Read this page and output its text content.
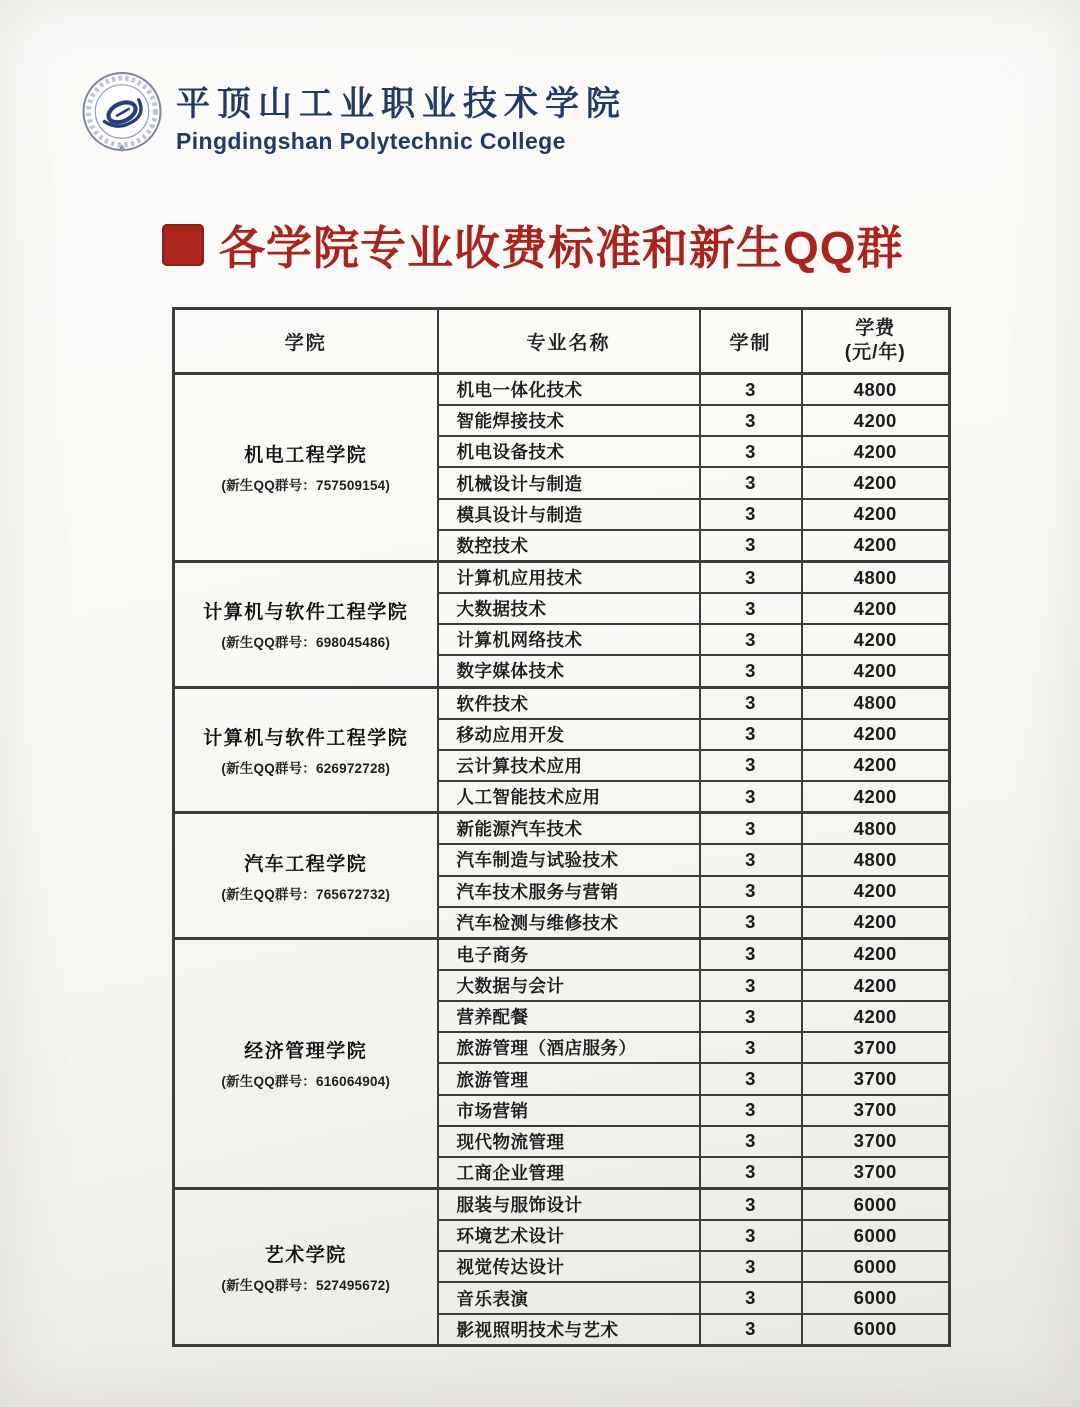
平顶山工业职业技术学院
Pingdingshan Polytechnic College
各学院专业收费标准和新生QQ群
学院	专业名称	学制	学费
(元/年)

机电工程学院
(新生QQ群号：757509154)	机电一体化技术	3	4800
	智能焊接技术	3	4200
	机电设备技术	3	4200
	机械设计与制造	3	4200
	模具设计与制造	3	4200
	数控技术	3	4200

计算机与软件工程学院
(新生QQ群号：698045486)	计算机应用技术	3	4800
	大数据技术	3	4200
	计算机网络技术	3	4200
	数字媒体技术	3	4200

计算机与软件工程学院
(新生QQ群号：626972728)	软件技术	3	4800
	移动应用开发	3	4200
	云计算技术应用	3	4200
	人工智能技术应用	3	4200

汽车工程学院
(新生QQ群号：765672732)	新能源汽车技术	3	4800
	汽车制造与试验技术	3	4800
	汽车技术服务与营销	3	4200
	汽车检测与维修技术	3	4200

经济管理学院
(新生QQ群号：616064904)	电子商务	3	4200
	大数据与会计	3	4200
	营养配餐	3	4200
	旅游管理（酒店服务）	3	3700
	旅游管理	3	3700
	市场营销	3	3700
	现代物流管理	3	3700
	工商企业管理	3	3700

艺术学院
(新生QQ群号：527495672)	服装与服饰设计	3	6000
	环境艺术设计	3	6000
	视觉传达设计	3	6000
	音乐表演	3	6000
	影视照明技术与艺术	3	6000
